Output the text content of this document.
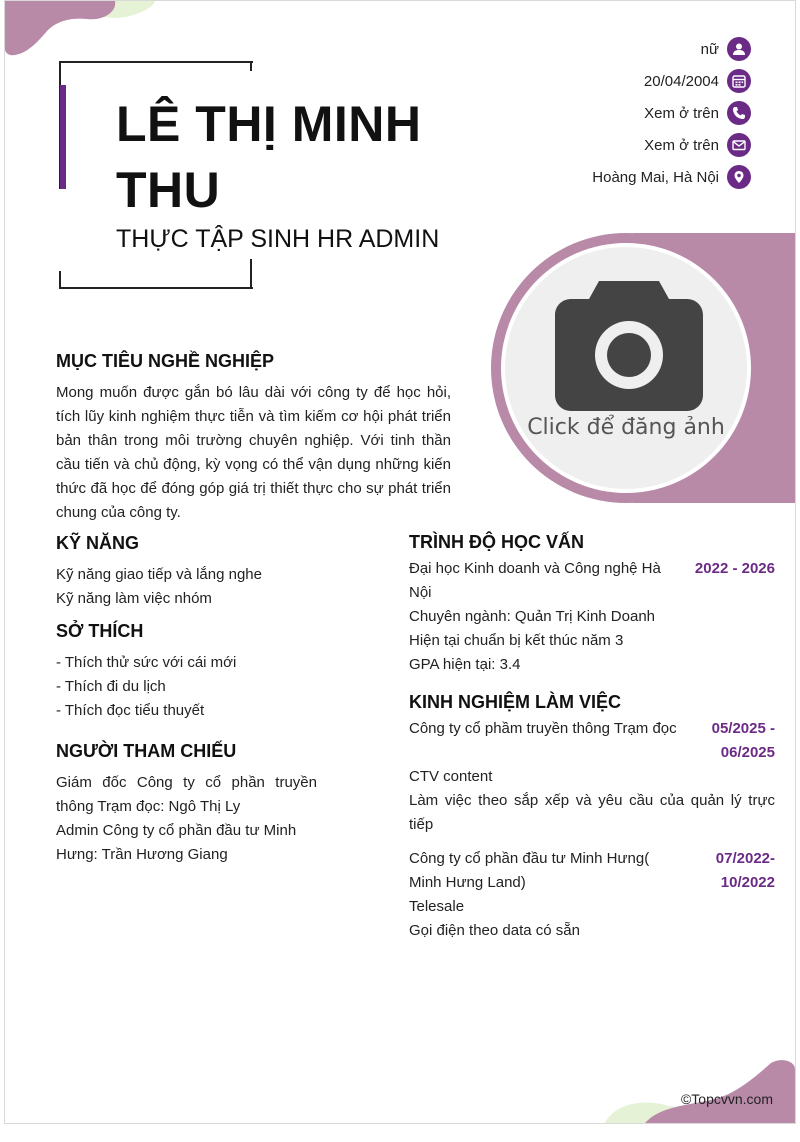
LÊ THỊ MINH THU
THỰC TẬP SINH HR ADMIN
nữ
20/04/2004
Xem ở trên
Xem ở trên
Hoàng Mai, Hà Nội
Click để đăng ảnh
MỤC TIÊU NGHỀ NGHIỆP
Mong muốn được gắn bó lâu dài với công ty để học hỏi, tích lũy kinh nghiệm thực tiễn và tìm kiếm cơ hội phát triển bản thân trong môi trường chuyên nghiệp. Với tinh thần cầu tiến và chủ động, kỳ vọng có thể vận dụng những kiến thức đã học để đóng góp giá trị thiết thực cho sự phát triển chung của công ty.
KỸ NĂNG
Kỹ năng giao tiếp và lắng nghe
Kỹ năng làm việc nhóm
SỞ THÍCH
- Thích thử sức với cái mới
- Thích đi du lịch
- Thích đọc tiểu thuyết
NGƯỜI THAM CHIẾU
Giám đốc Công ty cổ phần truyền thông Trạm đọc: Ngô Thị Ly
Admin Công ty cổ phần đầu tư Minh Hưng: Trần Hương Giang
TRÌNH ĐỘ HỌC VẤN
Đại học Kinh doanh và Công nghệ Hà Nội
2022 - 2026
Chuyên ngành: Quản Trị Kinh Doanh
Hiện tại chuẩn bị kết thúc năm 3
GPA hiện tại: 3.4
KINH NGHIỆM LÀM VIỆC
Công ty cổ phầm truyền thông Trạm đọc	05/2025 - 06/2025
CTV content
Làm việc theo sắp xếp và yêu cầu của quản lý trực tiếp
Công ty cổ phần đầu tư Minh Hưng( Minh Hưng Land)
07/2022- 10/2022
Telesale
Gọi điện theo data có sẵn
©Topcvvn.com
